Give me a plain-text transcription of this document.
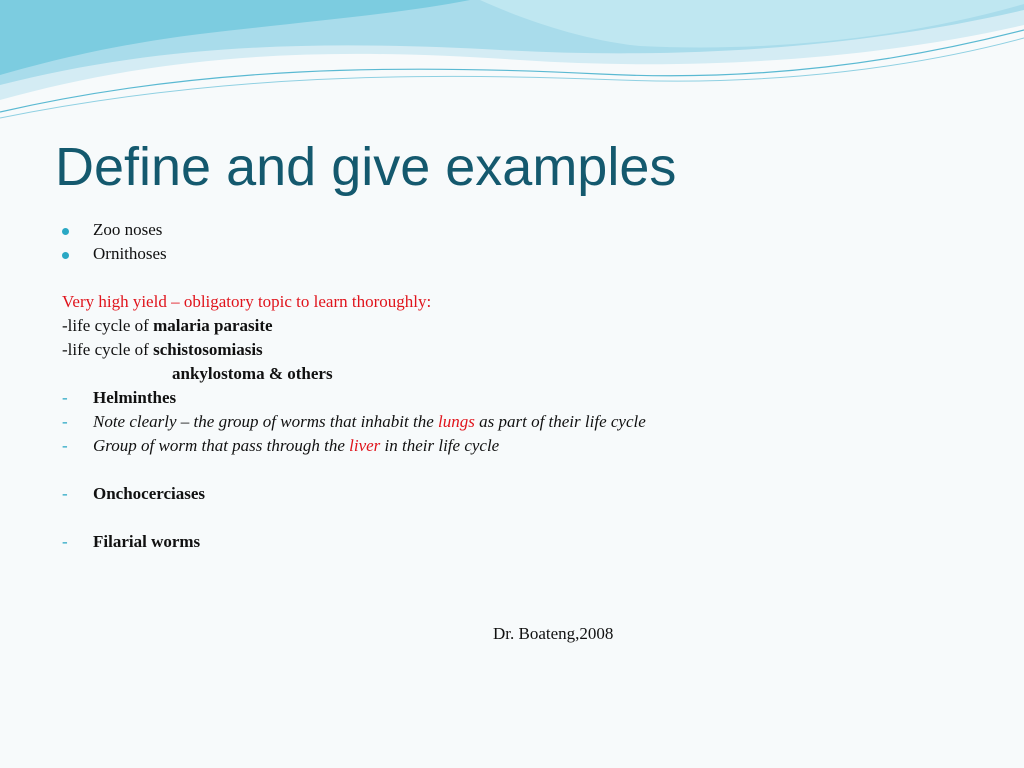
Define and give examples
Zoo noses
Ornithoses
Very high yield – obligatory topic to learn thoroughly:
-life cycle of malaria parasite
-life cycle of schistosomiasis
ankylostoma & others
- Helminthes
- Note clearly – the group of worms that inhabit the lungs as part of their life cycle
- Group of worm that pass through the liver in their life cycle
- Onchocerciases
- Filarial worms
Dr. Boateng,2008
